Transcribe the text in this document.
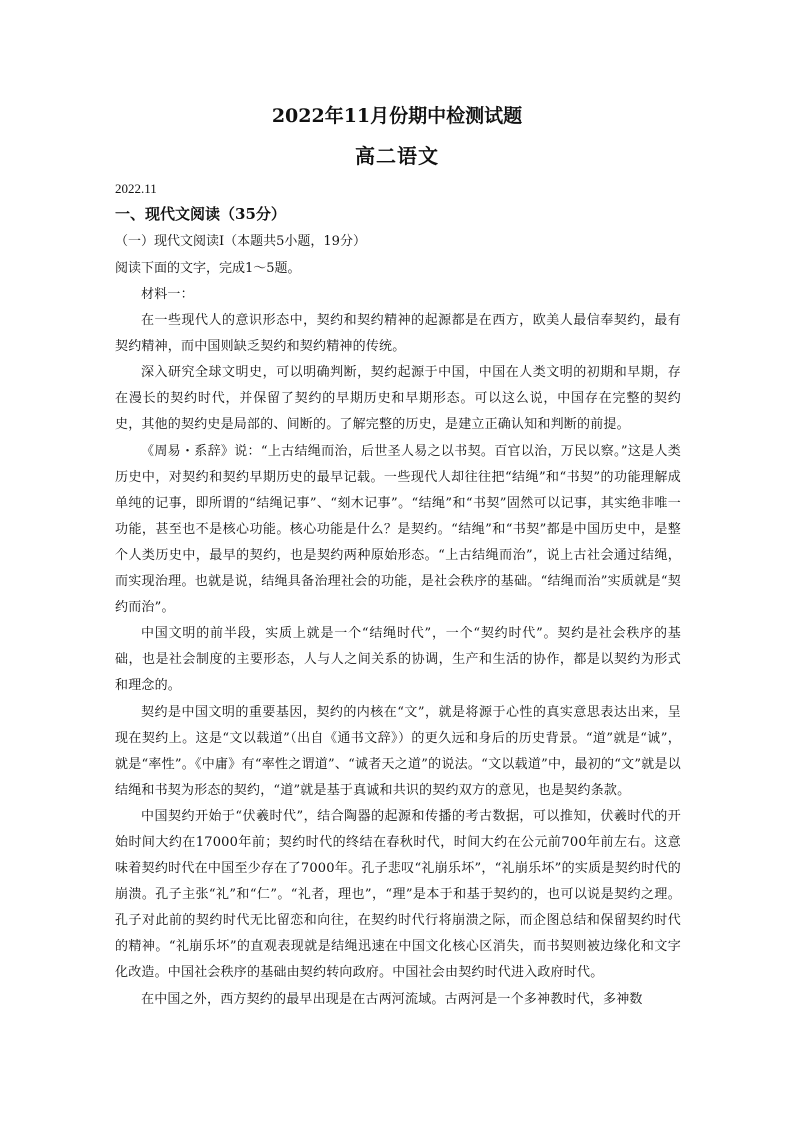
2022年11月份期中检测试题
高二语文
2022.11
一、现代文阅读（35分）
（一）现代文阅读Ⅰ（本题共5小题，19分）
阅读下面的文字，完成1～5题。

材料一：

在一些现代人的意识形态中，契约和契约精神的起源都是在西方，欧美人最信奉契约，最有契约精神，而中国则缺乏契约和契约精神的传统。

深入研究全球文明史，可以明确判断，契约起源于中国，中国在人类文明的初期和早期，存在漫长的契约时代，并保留了契约的早期历史和早期形态。可以这么说，中国存在完整的契约史，其他的契约史是局部的、间断的。了解完整的历史，是建立正确认知和判断的前提。

《周易・系辞》说：“上古结绳而治，后世圣人易之以书契。百官以治，万民以察。”这是人类历史中，对契约和契约早期历史的最早记载。一些现代人却往往把“结绳”和“书契”的功能理解成单纯的记事，即所谓的“结绳记事”、“刻木记事”。“结绳”和“书契”固然可以记事，其实绝非唯一功能，甚至也不是核心功能。核心功能是什么？是契约。“结绳”和“书契”都是中国历史中，是整个人类历史中，最早的契约，也是契约两种原始形态。“上古结绳而治”，说上古社会通过结绳，而实现治理。也就是说，结绳具备治理社会的功能，是社会秩序的基础。“结绳而治”实质就是“契约而治”。

中国文明的前半段，实质上就是一个“结绳时代”，一个“契约时代”。契约是社会秩序的基础，也是社会制度的主要形态，人与人之间关系的协调，生产和生活的协作，都是以契约为形式和理念的。

契约是中国文明的重要基因，契约的内核在“文”，就是将源于心性的真实意思表达出来，呈现在契约上。这是“文以载道”（出自《通书文辞》）的更久远和身后的历史背景。“道”就是“诚”，就是“率性”。《中庸》有“率性之谓道”、“诚者天之道”的说法。“文以载道”中，最初的“文”就是以结绳和书契为形态的契约，“道”就是基于真诚和共识的契约双方的意见，也是契约条款。

中国契约开始于“伏羲时代”，结合陶器的起源和传播的考古数据，可以推知，伏羲时代的开始时间大约在17000年前；契约时代的终结在春秋时代，时间大约在公元前700年前左右。这意味着契约时代在中国至少存在了7000年。孔子悲叹“礼崩乐坏”，“礼崩乐坏”的实质是契约时代的崩溃。孔子主张“礼”和“仁”。“礼者，理也”，“理”是本于和基于契约的，也可以说是契约之理。孔子对此前的契约时代无比留恋和向往，在契约时代行将崩溃之际，而企图总结和保留契约时代的精神。“礼崩乐坏”的直观表现就是结绳迅速在中国文化核心区消失，而书契则被边缘化和文字化改造。中国社会秩序的基础由契约转向政府。中国社会由契约时代进入政府时代。

在中国之外，西方契约的最早出现是在古两河流域。古两河是一个多神教时代，多神数
